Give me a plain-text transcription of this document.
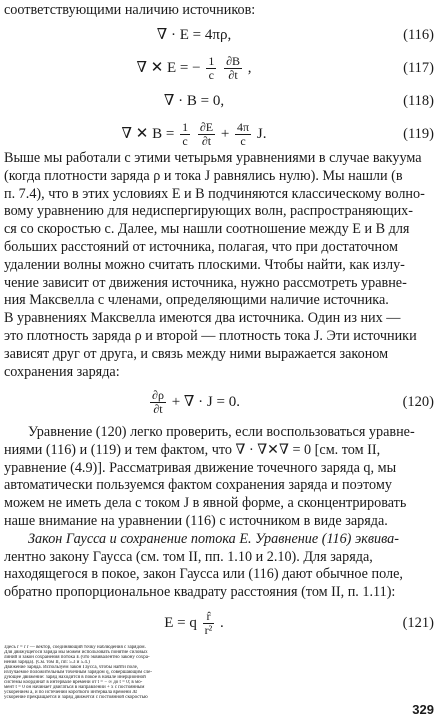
соответствующими наличию источников:
∇ · E = 4πρ,	(116)
∇ ✕ E = − $\frac{1}{c}$
$\frac{\partial B}{\partial t}$ ,	(117)
∇ · B = 0,	(118)
∇ ✕ $B = \frac{1}{c}$
$\frac{\partial E}{\partial t} + \frac{4\pi}{c} J$.	(119)
Выше мы работали с этими четырьмя уравнениями в случае вакуума
(когда плотности заряда ρ и тока J равнялись нулю). Мы нашли (в
п. 7.4), что в этих условиях E и B подчиняются классическому волно-
вому уравнению для недиспергирующих волн, распространяющих-
ся со скоростью c. Далее, мы нашли соотношение между E и B для
больших расстояний от источника, полагая, что при достаточном
удалении волны можно считать плоскими. Чтобы найти, как излу-
чение зависит от движения источника, нужно рассмотреть уравне-
ния Максвелла с членами, определяющими наличие источника.
В уравнениях Максвелла имеются два источника. Один из них —
это плотность заряда ρ и второй — плотность тока J. Эти источники
зависят друг от друга, и связь между ними выражается законом
сохранения заряда:
$\frac{\partial\rho}{\partial t}$ + ∇ · J = 0.	(120)
Уравнение (120) легко проверить, если воспользоваться уравне-
ниями (116) и (119) и тем фактом, что ∇ · ∇✕∇ = 0 [см. том II,
уравнение (4.9)]. Рассматривая движение точечного заряда q, мы
автоматически пользуемся фактом сохранения заряда и поэтому
можем не иметь дела с током J в явной форме, а сконцентрировать
наше внимание на уравнении (116) с источником в виде заряда.
Закон Гаусса и сохранение потока E. Уравнение (116) эквива-
лентно закону Гаусса (см. том II, пп. 1.10 и 2.10). Для заряда,
находящегося в покое, закон Гаусса или (116) дают обычное поле,
обратно пропорциональное квадрату расстояния (том II, п. 1.11):
E = q $\frac{r̂}{\text{r²}}$ .	(121)
Здесь r = r r̂ — вектор, соединяющий точку наблюдения с зарядом.
Для движущегося заряда мы можем использовать понятие силовых
линий и закон сохранения потока E (что эквивалентно закону сохра-
нения заряда). (См. том II, пп: 5.3 и 5.4.)
Движение заряда. Используем закон Гаусса, чтобы найти поле,
излучаемое положительным точечным зарядом q, совершающим сле-
дующее движение: заряд находится в покое в начале инерционной
системы координат в интервале времени от t = − ∞ до t = 0; в мо-
мент t = 0 он начинает двигаться в направлении + x с постоянным
ускорением a, и по истечении короткого интервала времени Δt
ускорение прекращается и заряд движется с постоянной скоростью
329
